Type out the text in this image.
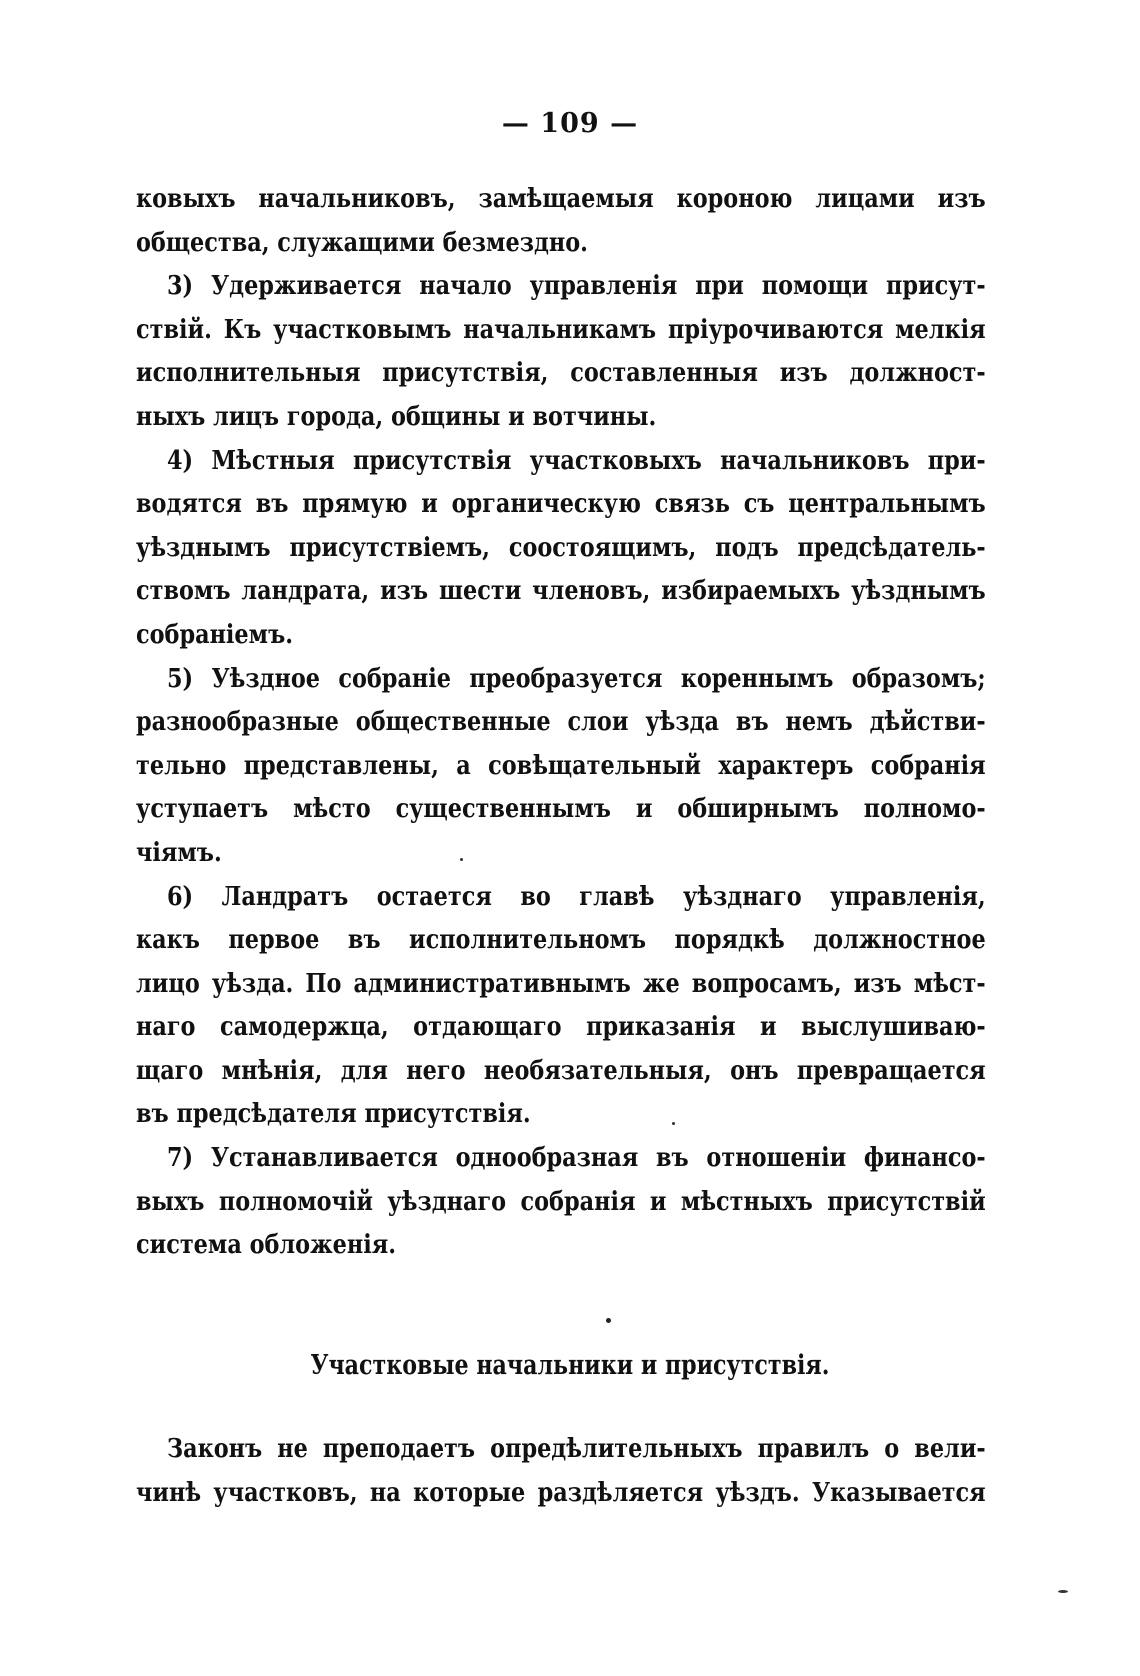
— 109 —
ковыхъ начальниковъ, замѣщаемыя короною лицами изъ
общества, служащими безмездно.
3) Удерживается начало управленія при помощи присут-
ствій. Къ участковымъ начальникамъ пріурочиваются мелкія
исполнительныя присутствія, составленныя изъ должност-
ныхъ лицъ города, общины и вотчины.
4) Мѣстныя присутствія участковыхъ начальниковъ при-
водятся въ прямую и органическую связь съ центральнымъ
уѣзднымъ присутствіемъ, сооcтоящимъ, подъ предсѣдатель-
ствомъ ландрата, изъ шести членовъ, избираемыхъ уѣзднымъ
собраніемъ.
5) Уѣздное собраніе преобразуется кореннымъ образомъ;
разнообразные общественные слои уѣзда въ немъ дѣйстви-
тельно представлены, а совѣщательный характеръ собранія
уступаетъ мѣсто существеннымъ и обширнымъ полномо-
чіямъ.
6) Ландратъ остается во главѣ уѣзднаго управленія,
какъ первое въ исполнительномъ порядкѣ должностное
лицо уѣзда. По административнымъ же вопросамъ, изъ мѣст-
наго самодержца, отдающаго приказанія и выслушиваю-
щаго мнѣнія, для него необязательныя, онъ превращается
въ предсѣдателя присутствія.
7) Устанавливается однообразная въ отношеніи финансо-
выхъ полномочій уѣзднаго собранія и мѣстныхъ присутствій
система обложенія.
Участковые начальники и присутствія.
Законъ не преподаетъ опредѣлительныхъ правилъ о вели-
чинѣ участковъ, на которые раздѣляется уѣздъ. Указывается
